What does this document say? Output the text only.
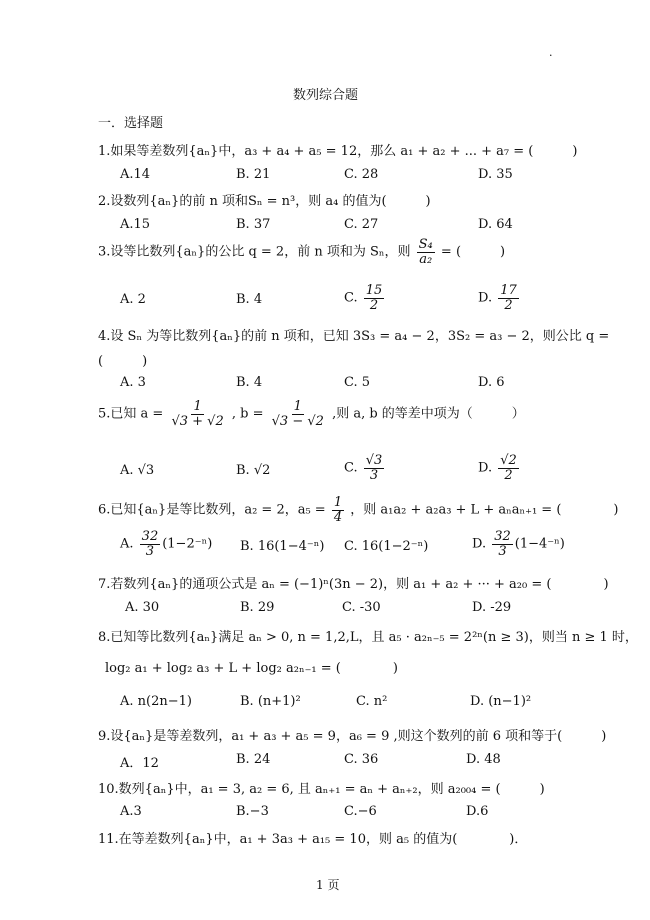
.
数列综合题
一．选择题
1.如果等差数列{aₙ}中，a₃ + a₄ + a₅ = 12，那么 a₁ + a₂ + ... + a₇ = (　　　)
A.14	B. 21	C. 28	D. 35
2.设数列{aₙ}的前 n 项和Sₙ = n³，则 a₄ 的值为(　　　)
A.15	B. 37	C. 27	D. 64
3.设等比数列{aₙ}的公比 q = 2，前 n 项和为 Sₙ，则 $\frac{\text{S₄}}{\text{a₂}}$ = (　　　)
A. 2	B. 4	C. $\frac{15}{2}$	D. $\frac{17}{2}$
4.设 Sₙ 为等比数列{aₙ}的前 n 项和，已知 3S₃ = a₄ − 2，3S₂ = a₃ − 2，则公比 q =
(　　　)
A. 3	B. 4	C. 5	D. 6
5.已知 $a = \frac{1}{√3 + √2}$ , $b = \frac{1}{√3 - √2}$ ,则 a, b 的等差中项为（　　　）
A. √3	B. √2	C. $\frac{√3}{3}$	D. $\frac{√2}{2}$
6.已知{aₙ}是等比数列，a₂ = 2，$a_5 = \frac{1}{4}$ ，则 a₁a₂ + a₂a₃ + L + aₙaₙ₊₁ = (　　　　)
A. $\frac{32}{3} (1-2^{-n})$ B. 16(1−4⁻ⁿ) C. 16(1−2⁻ⁿ)	D. $\frac{32}{3} (1-4^{-n})$
7.若数列{aₙ}的通项公式是 aₙ = (−1)ⁿ(3n − 2)，则 a₁ + a₂ + ··· + a₂₀ = (　　　　)
A. 30	B. 29	C. -30	D. -29
8.已知等比数列{aₙ}满足 aₙ > 0, n = 1,2,L，且 a₅ · a₂ₙ₋₅ = 2²ⁿ(n ≥ 3)，则当 n ≥ 1 时，
log₂ a₁ + log₂ a₃ + L + log₂ a₂ₙ₋₁ = (　　　　)
A. n(2n−1)	B. (n+1)²	C. n²	D. (n−1)²
9.设{aₙ}是等差数列，a₁ + a₃ + a₅ = 9，a₆ = 9 ,则这个数列的前 6 项和等于(　　　)
A．12	B. 24	C. 36	D. 48
10.数列{aₙ}中，a₁ = 3, a₂ = 6, 且 aₙ₊₁ = aₙ + aₙ₊₂，则 a₂₀₀₄ = (　　　)
A.3	B.−3	C.−6	D.6
11.在等差数列{aₙ}中，a₁ + 3a₃ + a₁₅ = 10，则 a₅ 的值为(　　　　)．
1 页
